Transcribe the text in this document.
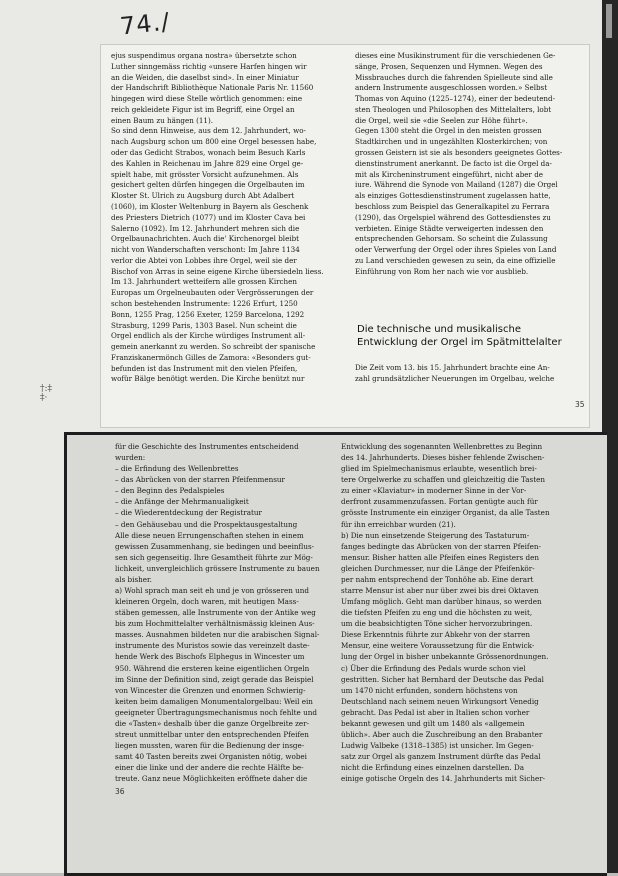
74./
†:‡
‡·
ejus suspendimus organa nostra» übersetzte schon
Luther sinngemäss richtig «unsere Harfen hingen wir
an die Weiden, die daselbst sind». In einer Miniatur
der Handschrift Bibliothèque Nationale Paris Nr. 11560
hingegen wird diese Stelle wörtlich genommen: eine
reich gekleidete Figur ist im Begriff, eine Orgel an
einen Baum zu hängen (11).
So sind denn Hinweise, aus dem 12. Jahrhundert, wo-
nach Augsburg schon um 800 eine Orgel besessen habe,
oder das Gedicht Strabos, wonach beim Besuch Karls
des Kahlen in Reichenau im Jahre 829 eine Orgel ge-
spielt habe, mit grösster Vorsicht aufzunehmen. Als
gesichert gelten dürfen hingegen die Orgelbauten im
Kloster St. Ulrich zu Augsburg durch Abt Adalbert
(1060), im Kloster Weltenburg in Bayern als Geschenk
des Priesters Dietrich (1077) und im Kloster Cava bei
Salerno (1092). Im 12. Jahrhundert mehren sich die
Orgelbaunachrichten. Auch die' Kirchenorgel bleibt
nicht von Wanderschaften verschont: Im Jahre 1134
verlor die Abtei von Lobbes ihre Orgel, weil sie der
Bischof von Arras in seine eigene Kirche übersiedeln liess.
Im 13. Jahrhundert wetteifern alle grossen Kirchen
Europas um Orgelneubauten oder Vergrösserungen der
schon bestehenden Instrumente: 1226 Erfurt, 1250
Bonn, 1255 Prag, 1256 Exeter, 1259 Barcelona, 1292
Strasburg, 1299 Paris, 1303 Basel. Nun scheint die
Orgel endlich als der Kirche würdiges Instrument all-
gemein anerkannt zu werden. So schreibt der spanische
Franziskanermönch Gilles de Zamora: «Besonders gut-
befunden ist das Instrument mit den vielen Pfeifen,
wofür Bälge benötigt werden. Die Kirche benützt nur
dieses eine Musikinstrument für die verschiedenen Ge-
sänge, Prosen, Sequenzen und Hymnen. Wegen des
Missbrauches durch die fahrenden Spielleute sind alle
andern Instrumente ausgeschlossen worden.» Selbst
Thomas von Aquino (1225–1274), einer der bedeutend-
sten Theologen und Philosophen des Mittelalters, lobt
die Orgel, weil sie «die Seelen zur Höhe führt».
Gegen 1300 steht die Orgel in den meisten grossen
Stadtkirchen und in ungezählten Klosterkirchen; von
grossen Geistern ist sie als besonders geeignetes Gottes-
dienstinstrument anerkannt. De facto ist die Orgel da-
mit als Kircheninstrument eingeführt, nicht aber de
iure. Während die Synode von Mailand (1287) die Orgel
als einziges Gottesdienstinstrument zugelassen hatte,
beschloss zum Beispiel das Generalkapitel zu Ferrara
(1290), das Orgelspiel während des Gottesdienstes zu
verbieten. Einige Städte verweigerten indessen den
entsprechenden Gehorsam. So scheint die Zulassung
oder Verwerfung der Orgel oder ihres Spieles von Land
zu Land verschieden gewesen zu sein, da eine offizielle
Einführung von Rom her nach wie vor ausblieb.
Die technische und musikalische Entwicklung der Orgel im Spätmittelalter
Die Zeit vom 13. bis 15. Jahrhundert brachte eine An-
zahl grundsätzlicher Neuerungen im Orgelbau, welche
35
für die Geschichte des Instrumentes entscheidend
wurden:
– die Erfindung des Wellenbrettes
– das Abrücken von der starren Pfeifenmensur
– den Beginn des Pedalspieles
– die Anfänge der Mehrmanualigkeit
– die Wiederentdeckung der Registratur
– den Gehäusebau und die Prospektausgestaltung
Alle diese neuen Errungenschaften stehen in einem
gewissen Zusammenhang, sie bedingen und beeinflus-
sen sich gegenseitig. Ihre Gesamtheit führte zur Mög-
lichkeit, unvergleichlich grössere Instrumente zu bauen
als bisher.
a) Wohl sprach man seit eh und je von grösseren und
kleineren Orgeln, doch waren, mit heutigen Mass-
stäben gemessen, alle Instrumente von der Antike weg
bis zum Hochmittelalter verhältnismässig kleinen Aus-
masses. Ausnahmen bildeten nur die arabischen Signal-
instrumente des Muristos sowie das vereinzelt daste-
hende Werk des Bischofs Elphegus in Wincester um
950. Während die ersteren keine eigentlichen Orgeln
im Sinne der Definition sind, zeigt gerade das Beispiel
von Wincester die Grenzen und enormen Schwierig-
keiten beim damaligen Monumentalorgelbau: Weil ein
geeigneter Übertragungsmechanismus noch fehlte und
die «Tasten» deshalb über die ganze Orgelbreite zer-
streut unmittelbar unter den entsprechenden Pfeifen
liegen mussten, waren für die Bedienung der insge-
samt 40 Tasten bereits zwei Organisten nötig, wobei
einer die linke und der andere die rechte Hälfte be-
treute. Ganz neue Möglichkeiten eröffnete daher die
Entwicklung des sogenannten Wellenbrettes zu Beginn
des 14. Jahrhunderts. Dieses bisher fehlende Zwischen-
glied im Spielmechanismus erlaubte, wesentlich brei-
tere Orgelwerke zu schaffen und gleichzeitig die Tasten
zu einer «Klaviatur» in moderner Sinne in der Vor-
derfront zusammenzufassen. Fortan genügte auch für
grösste Instrumente ein einziger Organist, da alle Tasten
für ihn erreichbar wurden (21).
b) Die nun einsetzende Steigerung des Tastaturum-
fanges bedingte das Abrücken von der starren Pfeifen-
mensur. Bisher hatten alle Pfeifen eines Registers den
gleichen Durchmesser, nur die Länge der Pfeifenkör-
per nahm entsprechend der Tonhöhe ab. Eine derart
starre Mensur ist aber nur über zwei bis drei Oktaven
Umfang möglich. Geht man darüber hinaus, so werden
die tiefsten Pfeifen zu eng und die höchsten zu weit,
um die beabsichtigten Töne sicher hervorzubringen.
Diese Erkenntnis führte zur Abkehr von der starren
Mensur, eine weitere Voraussetzung für die Entwick-
lung der Orgel in bisher unbekannte Grössenordnungen.
c) Über die Erfindung des Pedals wurde schon viel
gestritten. Sicher hat Bernhard der Deutsche das Pedal
um 1470 nicht erfunden, sondern höchstens von
Deutschland nach seinem neuen Wirkungsort Venedig
gebracht. Das Pedal ist aber in Italien schon vorher
bekannt gewesen und gilt um 1480 als «allgemein
üblich». Aber auch die Zuschreibung an den Brabanter
Ludwig Valbeke (1318–1385) ist unsicher. Im Gegen-
satz zur Orgel als ganzem Instrument dürfte das Pedal
nicht die Erfindung eines einzelnen darstellen. Da
einige gotische Orgeln des 14. Jahrhunderts mit Sicher-
36
